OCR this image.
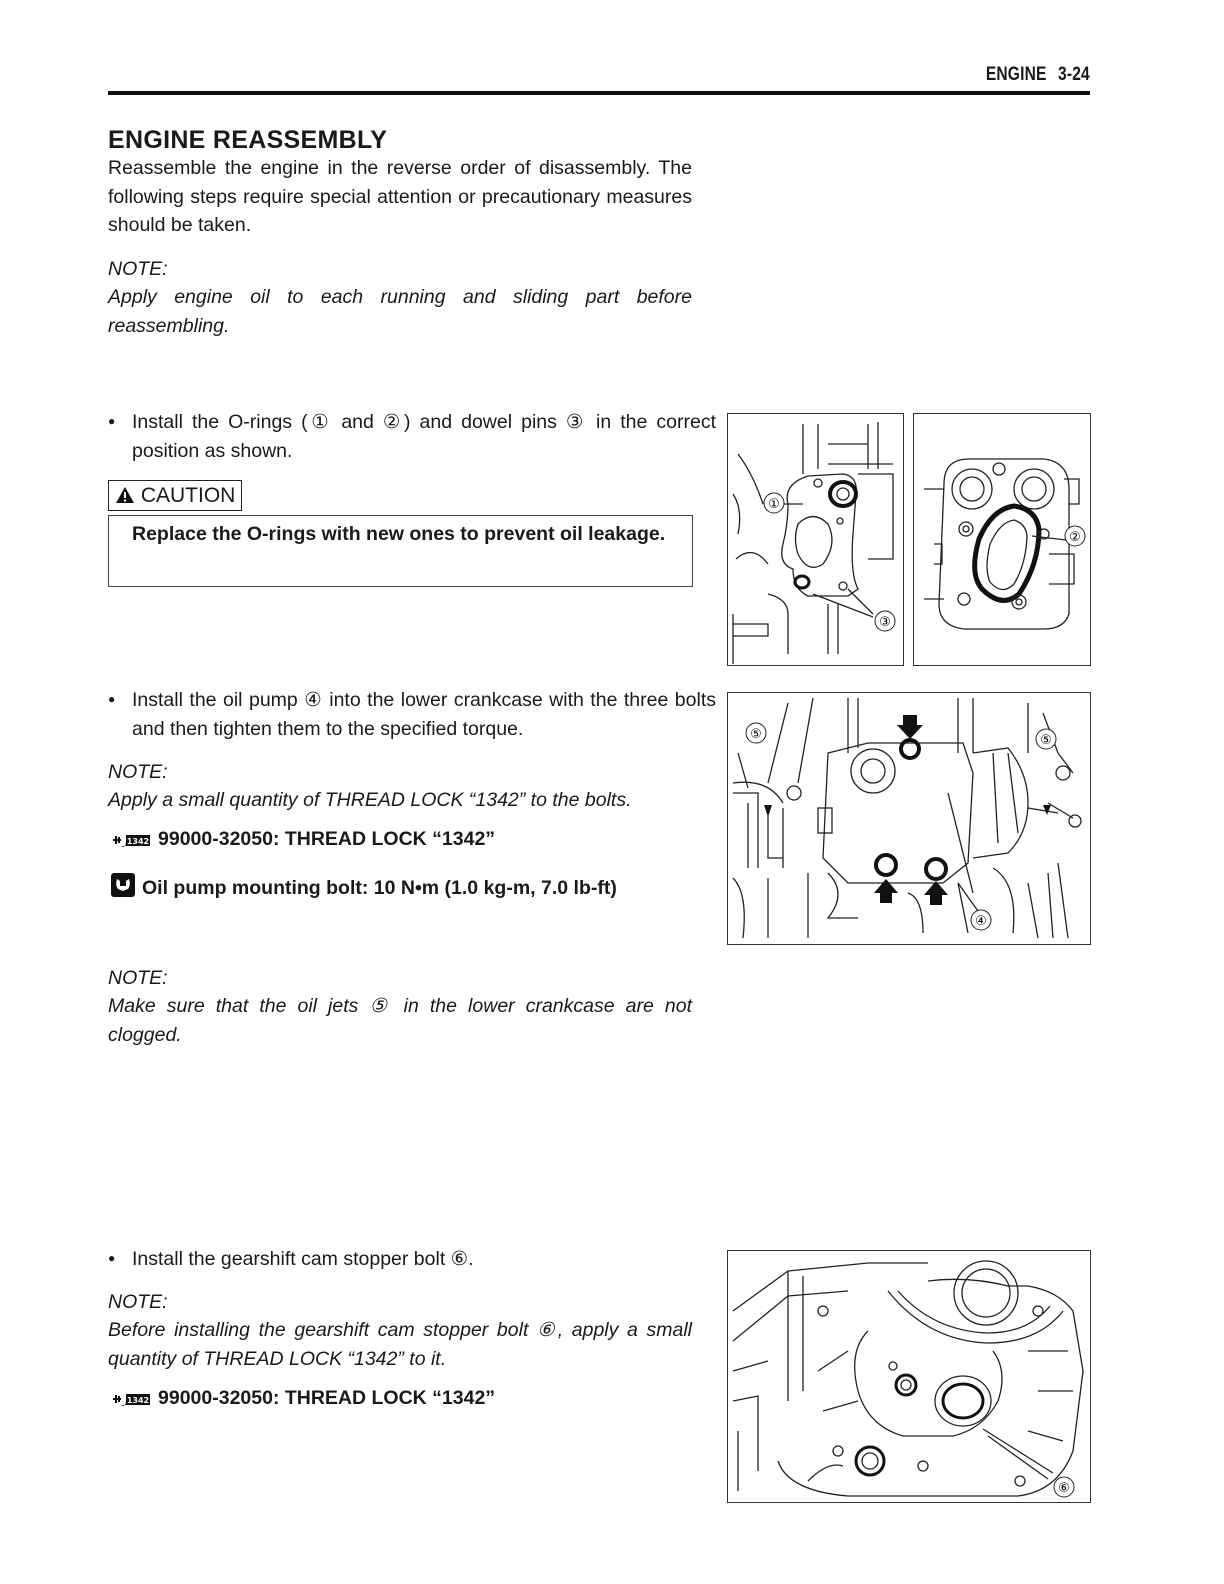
ENGINE 3-24
ENGINE REASSEMBLY
Reassemble the engine in the reverse order of disassembly. The following steps require special attention or precautionary measures should be taken.
NOTE:
Apply engine oil to each running and sliding part before reassembling.
● Install the O-rings (① and ②) and dowel pins ③ in the correct position as shown.
CAUTION
Replace the O-rings with new ones to prevent oil leakage.
● Install the oil pump ④ into the lower crankcase with the three bolts and then tighten them to the specified torque.
NOTE:
Apply a small quantity of THREAD LOCK “1342” to the bolts.
1342 99000-32050: THREAD LOCK “1342”
Oil pump mounting bolt: 10 N•m (1.0 kg-m, 7.0 lb-ft)
NOTE:
Make sure that the oil jets ⑤ in the lower crankcase are not clogged.
● Install the gearshift cam stopper bolt ⑥.
NOTE:
Before installing the gearshift cam stopper bolt ⑥, apply a small quantity of THREAD LOCK “1342” to it.
1342 99000-32050: THREAD LOCK “1342”
①
③
②
⑤	⑤
④
⑥
